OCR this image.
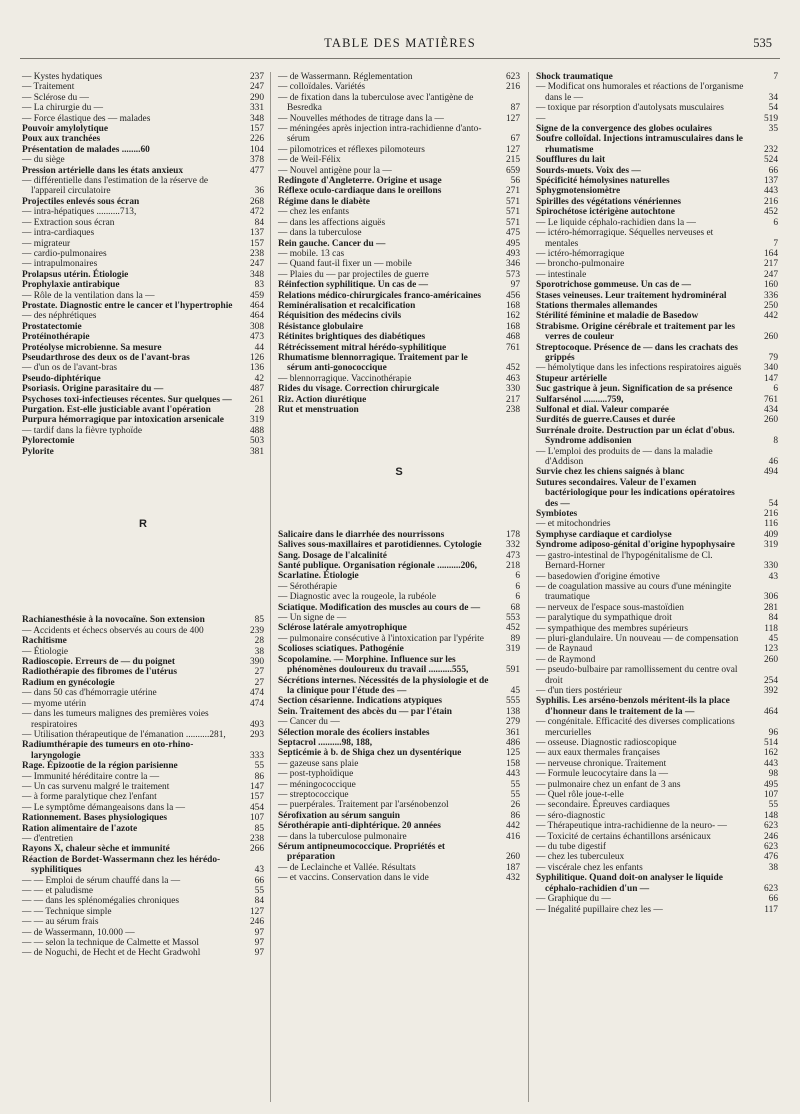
TABLE DES MATIÈRES	535
— Kystes hydatiques	237
— Traitement	247
— Sclérose du —	290
— La chirurgie du —	331
— Force élastique des — malades	348
Pouvoir amylolytique	157
Poux aux tranchées	226
Présentation de malades ........60	104
— du siège	378
Pression artérielle dans les états anxieux	477
— différentielle dans l'estimation de la réserve de l'appareil circulatoire	36
Projectiles enlevés sous écran	268
— intra-hépatiques ..........713,	472
— Extraction sous écran	84
— intra-cardiaques	137
— migrateur	157
— cardio-pulmonaires	238
— intrapulmonaires	247
Prolapsus utérin. Étiologie	348
Prophylaxie antirabique	83
— Rôle de la ventilation dans la —	459
Prostate. Diagnostic entre le cancer et l'hypertrophie 464
— des néphrétiques	464
Prostatectomie	308
Protéinothérapie	473
Protéolyse microbienne. Sa mesure	44
Pseudarthrose des deux os de l'avant-bras	126
— d'un os de l'avant-bras	136
Pseudo-diphtérique	42
Psoriasis. Origine parasitaire du —	487
Psychoses toxi-infectieuses récentes. Sur quelques — 261
Purgation. Est-elle justiciable avant l'opération	28
Purpura hémorragique par intoxication arsenicale	319
— tardif dans la fièvre typhoïde	488
Pylorectomie	503
Pylorite	381
R
Rachianesthésie à la novocaïne. Son extension	85
— Accidents et échecs observés au cours de 400	239
Rachitisme	28
— Étiologie	38
Radioscopie. Erreurs de — du poignet	390
Radiothérapie des fibromes de l'utérus	27
Radium en gynécologie	27
— dans 50 cas d'hémorragie utérine	474
— myome utérin	474
— dans les tumeurs malignes des premières voies respiratoires	493
— Utilisation thérapeutique de l'émanation ..........281,	293
Radiumthérapie des tumeurs en oto-rhino-laryngologie	333
Rage. Épizootie de la région parisienne	55
— Immunité héréditaire contre la —	86
— Un cas survenu malgré le traitement	147
— à forme paralytique chez l'enfant	157
— Le symptôme démangeaisons dans la —	454
Rationnement. Bases physiologiques	107
Ration alimentaire de l'azote	85
— d'entretien	238
Rayons X, chaleur sèche et immunité	266
Réaction de Bordet-Wassermann chez les hérédo-syphilitiques	43
— — Emploi de sérum chauffé dans la —	66
— — et paludisme	55
— — dans les splénomégalies chroniques	84
— — Technique simple	127
— — au sérum frais	246
— de Wassermann, 10.000 —	97
— — selon la technique de Calmette et Massol	97
— de Noguchi, de Hecht et de Hecht Gradwohl	97
— de Wassermann. Réglementation	623
— colloïdales. Variétés	216
— de fixation dans la tuberculose avec l'antigène de Besredka	87
— Nouvelles méthodes de titrage dans la —	127
— méningées après injection intra-rachidienne d'anto-sérum	67
— pilomotrices et réflexes pilomoteurs	127
— de Weil-Félix	215
— Nouvel antigène pour la —	659
Redingote d'Angleterre. Origine et usage	56
Réflexe oculo-cardiaque dans le oreillons	271
Régime dans le diabète	571
— chez les enfants	571
— dans les affections aiguës	571
— dans la tuberculose	475
Rein gauche. Cancer du —	495
— mobile. 13 cas	493
— Quand faut-il fixer un — mobile	346
— Plaies du — par projectiles de guerre	573
Réinfection syphilitique. Un cas de —	97
Relations médico-chirurgicales franco-américaines	456
Reminéralisation et recalcification	168
Réquisition des médecins civils	162
Résistance globulaire	168
Rétinites brightiques des diabétiques	468
Rétrécissement mitral hérédo-syphilitique	761
Rhumatisme blennorragique. Traitement par le sérum anti-gonococcique	452
— blennorragique. Vaccinothérapie	463
Rides du visage. Correction chirurgicale	330
Riz. Action diurétique	217
Rut et menstruation	238
S
Salicaire dans le diarrhée des nourrissons	178
Salives sous-maxillaires et parotidiennes. Cytologie	332
Sang. Dosage de l'alcalinité	473
Santé publique. Organisation régionale ..........206,	218
Scarlatine. Étiologie	6
— Sérothérapie	6
— Diagnostic avec la rougeole, la rubéole	6
Sciatique. Modification des muscles au cours de —	68
— Un signe de —	553
Sclérose latérale amyotrophique	452
— pulmonaire consécutive à l'intoxication par l'ypérite	89
Scolioses sciatiques. Pathogénie	319
Scopolamine. — Morphine. Influence sur les phénomènes douloureux du travail ..........555,	591
Sécrétions internes. Nécessités de la physiologie et de la clinique pour l'étude des —	45
Section césarienne. Indications atypiques	555
Sein. Traitement des abcès du — par l'étain	138
— Cancer du —	279
Sélection morale des écoliers instables	361
Septacrol ..........98, 188,	486
Septicémie à b. de Shiga chez un dysentérique	125
— gazeuse sans plaie	158
— post-typhoïdique	443
— méningococcique	55
— streptococcique	55
— puerpérales. Traitement par l'arsénobenzol	26
Sérofixation au sérum sanguin	86
Sérothérapie anti-diphtérique. 20 années	442
— dans la tuberculose pulmonaire	416
Sérum antipneumococcique. Propriétés et préparation	260
— de Leclainche et Vallée. Résultats	187
— et vaccins. Conservation dans le vide	432
Shock traumatique	7
— Modificat ons humorales et réactions de l'organisme dans le —	34
— toxique par résorption d'autolysats musculaires	54
—	519
Signe de la convergence des globes oculaires	35
Soufre colloïdal. Injections intramusculaires dans le rhumatisme	232
Soufflures du lait	524
Sourds-muets. Voix des —	66
Spécificité hémolysines naturelles	137
Sphygmotensiomètre	443
Spirilles des végétations vénériennes	216
Spirochétose ictérigène autochtone	452
— Le liquide céphalo-rachidien dans la —	6
— ictéro-hémorragique. Séquelles nerveuses et mentales	7
— ictéro-hémorragique	164
— broncho-pulmonaire	217
— intestinale	247
Sporotrichose gommeuse. Un cas de —	160
Stases veineuses. Leur traitement hydrominéral	336
Stations thermales allemandes	250
Stérilité féminine et maladie de Basedow	442
Strabisme. Origine cérébrale et traitement par les verres de couleur	260
Streptocoque. Présence de — dans les crachats des grippés	79
— hémolytique dans les infections respiratoires aiguës 340
Stupeur artérielle	147
Suc gastrique à jeun. Signification de sa présence	6
Sulfarsénol ..........759,	761
Sulfonal et dial. Valeur comparée	434
Surdités de guerre.Causes et durée	260
Surrénale droite. Destruction par un éclat d'obus. Syndrome addisonien	8
— L'emploi des produits de — dans la maladie d'Addison	46
Survie chez les chiens saignés à blanc	494
Sutures secondaires. Valeur de l'examen bactériologique pour les indications opératoires des —	54
Symbiotes	216
— et mitochondries	116
Symphyse cardiaque et cardiolyse	409
Syndrome adiposo-génital d'origine hypophysaire	319
— gastro-intestinal de l'hypogénitalisme de Cl. Bernard-Horner	330
— basedowien d'origine émotive	43
— de coagulation massive au cours d'une méningite traumatique	306
— nerveux de l'espace sous-mastoïdien	281
— paralytique du sympathique droit	84
— sympathique des membres supérieurs	118
— pluri-glandulaire. Un nouveau — de compensation	45
— de Raynaud	123
— de Raymond	260
— pseudo-bulbaire par ramollissement du centre oval droit	254
— d'un tiers postérieur	392
Syphilis. Les arséno-benzols méritent-ils la place d'honneur dans le traitement de la —	464
— congénitale. Efficacité des diverses complications mercurielles	96
— osseuse. Diagnostic radioscopique	514
— aux eaux thermales françaises	162
— nerveuse chronique. Traitement	443
— Formule leucocytaire dans la —	98
— pulmonaire chez un enfant de 3 ans	495
— Quel rôle joue-t-elle	107
— secondaire. Épreuves cardiaques	55
— séro-diagnostic	148
— Thérapeutique intra-rachidienne de la neuro- —	623
— Toxicité de certains échantillons arsénicaux	246
— du tube digestif	623
— chez les tuberculeux	476
— viscérale chez les enfants	38
Syphilitique. Quand doit-on analyser le liquide céphalo-rachidien d'un —	623
— Graphique du —	66
— Inégalité pupillaire chez les —	117
